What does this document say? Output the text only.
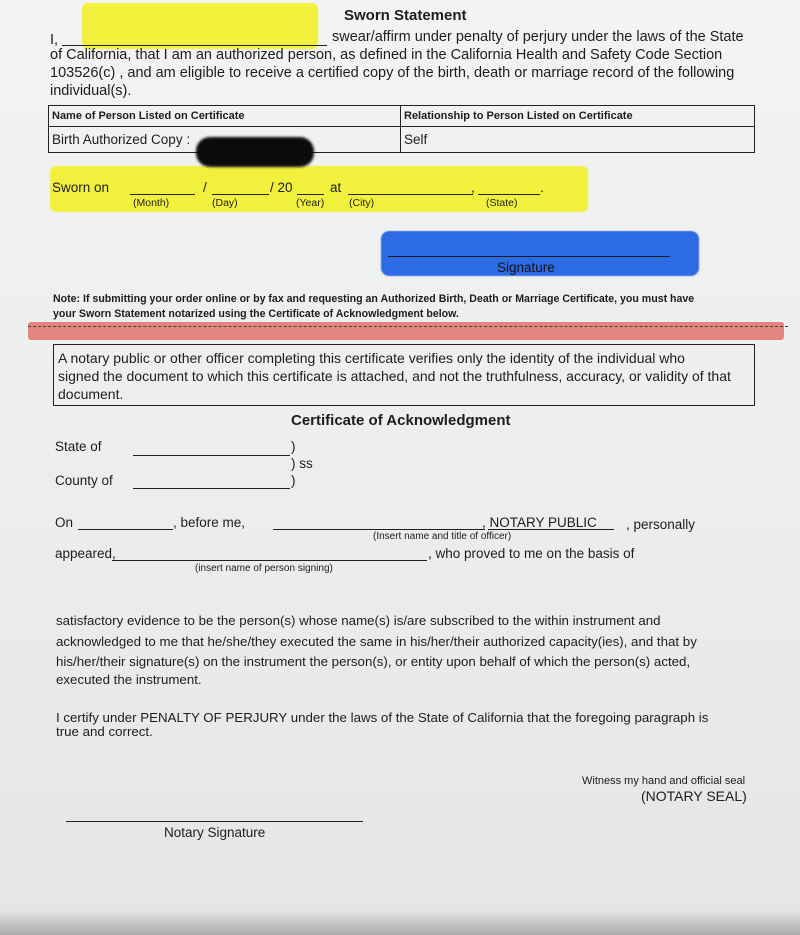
Sworn Statement
I,	swear/affirm under penalty of perjury under the laws of the State
of California, that I am an authorized person, as defined in the California Health and Safety Code Section
103526(c) , and am eligible to receive a certified copy of the birth, death or marriage record of the following
individual(s).
Name of Person Listed on Certificate	Relationship to Person Listed on Certificate
Birth Authorized Copy :	Self
Sworn on	/	/ 20	at	,	.
(Month)	(Day)	(Year) (City)	(State)
Signature
Note: If submitting your order online or by fax and requesting an Authorized Birth, Death or Marriage Certificate, you must have
your Sworn Statement notarized using the Certificate of Acknowledgment below.
A notary public or other officer completing this certificate verifies only the identity of the individual who
signed the document to which this certificate is attached, and not the truthfulness, accuracy, or validity of that
document.
Certificate of Acknowledgment
State of	)
) ss
County of	)
On	, before me,	, NOTARY PUBLIC , personally
(Insert name and title of officer)
appeared,	, who proved to me on the basis of
(insert name of person signing)
satisfactory evidence to be the person(s) whose name(s) is/are subscribed to the within instrument and
acknowledged to me that he/she/they executed the same in his/her/their authorized capacity(ies), and that by
his/her/their signature(s) on the instrument the person(s), or entity upon behalf of which the person(s) acted,
executed the instrument.
I certify under PENALTY OF PERJURY under the laws of the State of California that the foregoing paragraph is
true and correct.
Witness my hand and official seal
(NOTARY SEAL)
Notary Signature
